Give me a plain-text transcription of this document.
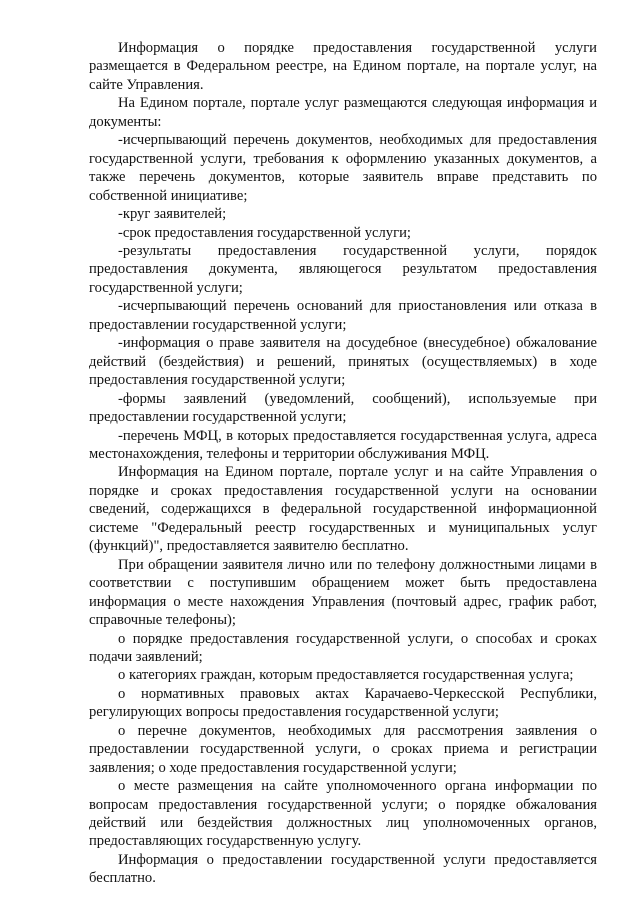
Информация о порядке предоставления государственной услуги размещается в Федеральном реестре, на Едином портале, на портале услуг, на сайте Управления.

На Едином портале, портале услуг размещаются следующая информация и документы:

-исчерпывающий перечень документов, необходимых для предоставления государственной услуги, требования к оформлению указанных документов, а также перечень документов, которые заявитель вправе представить по собственной инициативе;

-круг заявителей;

-срок предоставления государственной услуги;

-результаты предоставления государственной услуги, порядок предоставления документа, являющегося результатом предоставления государственной услуги;

-исчерпывающий перечень оснований для приостановления или отказа в предоставлении государственной услуги;

-информация о праве заявителя на досудебное (внесудебное) обжалование действий (бездействия) и решений, принятых (осуществляемых) в ходе предоставления государственной услуги;

-формы заявлений (уведомлений, сообщений), используемые при предоставлении государственной услуги;

-перечень МФЦ, в которых предоставляется государственная услуга, адреса местонахождения, телефоны и территории обслуживания МФЦ.

Информация на Едином портале, портале услуг и на сайте Управления о порядке и сроках предоставления государственной услуги на основании сведений, содержащихся в федеральной государственной информационной системе "Федеральный реестр государственных и муниципальных услуг (функций)", предоставляется заявителю бесплатно.

При обращении заявителя лично или по телефону должностными лицами в соответствии с поступившим обращением может быть предоставлена информация о месте нахождения Управления (почтовый адрес, график работ, справочные телефоны);

о порядке предоставления государственной услуги, о способах и сроках подачи заявлений;

о категориях граждан, которым предоставляется государственная услуга;

о нормативных правовых актах Карачаево-Черкесской Республики, регулирующих вопросы предоставления государственной услуги;

о перечне документов, необходимых для рассмотрения заявления о предоставлении государственной услуги, о сроках приема и регистрации заявления; о ходе предоставления государственной услуги;

о месте размещения на сайте уполномоченного органа информации по вопросам предоставления государственной услуги; о порядке обжалования действий или бездействия должностных лиц уполномоченных органов, предоставляющих государственную услугу.

Информация о предоставлении государственной услуги предоставляется бесплатно.
